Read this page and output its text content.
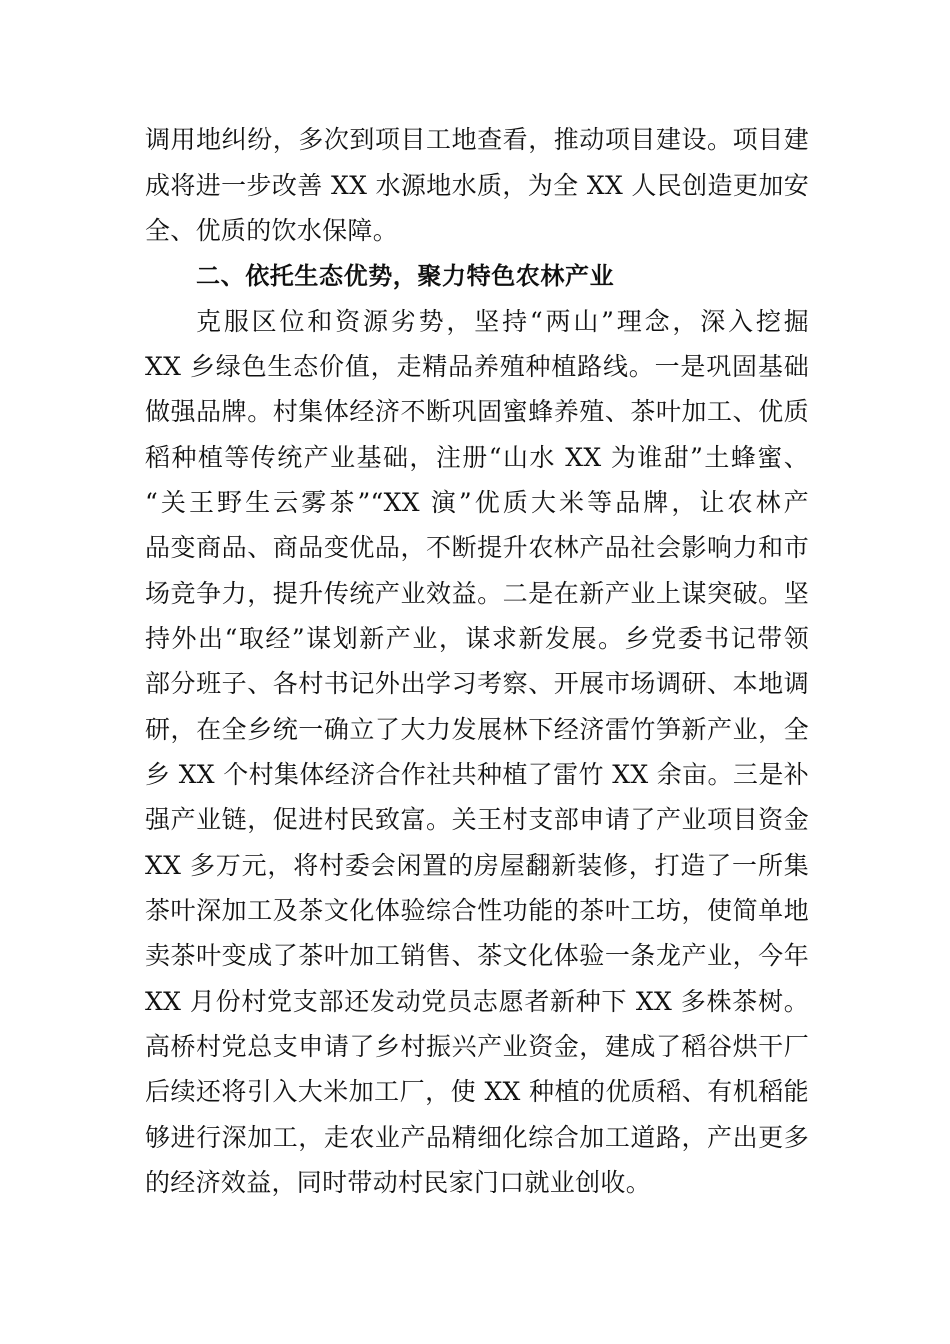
调用地纠纷，多次到项目工地查看，推动项目建设。项目建
成将进一步改善 XX 水源地水质，为全 XX 人民创造更加安
全、优质的饮水保障。
二、依托生态优势，聚力特色农林产业
克服区位和资源劣势，坚持“两山”理念，深入挖掘
XX 乡绿色生态价值，走精品养殖种植路线。一是巩固基础
做强品牌。村集体经济不断巩固蜜蜂养殖、茶叶加工、优质
稻种植等传统产业基础，注册“山水 XX 为谁甜”土蜂蜜、
“关王野生云雾茶”“XX 演”优质大米等品牌，让农林产
品变商品、商品变优品，不断提升农林产品社会影响力和市
场竞争力，提升传统产业效益。二是在新产业上谋突破。坚
持外出“取经”谋划新产业，谋求新发展。乡党委书记带领
部分班子、各村书记外出学习考察、开展市场调研、本地调
研，在全乡统一确立了大力发展林下经济雷竹笋新产业，全
乡 XX 个村集体经济合作社共种植了雷竹 XX 余亩。三是补
强产业链，促进村民致富。关王村支部申请了产业项目资金
XX 多万元，将村委会闲置的房屋翻新装修，打造了一所集
茶叶深加工及茶文化体验综合性功能的茶叶工坊，使简单地
卖茶叶变成了茶叶加工销售、茶文化体验一条龙产业，今年
XX 月份村党支部还发动党员志愿者新种下 XX 多株茶树。
高桥村党总支申请了乡村振兴产业资金，建成了稻谷烘干厂
后续还将引入大米加工厂，使 XX 种植的优质稻、有机稻能
够进行深加工，走农业产品精细化综合加工道路，产出更多
的经济效益，同时带动村民家门口就业创收。
